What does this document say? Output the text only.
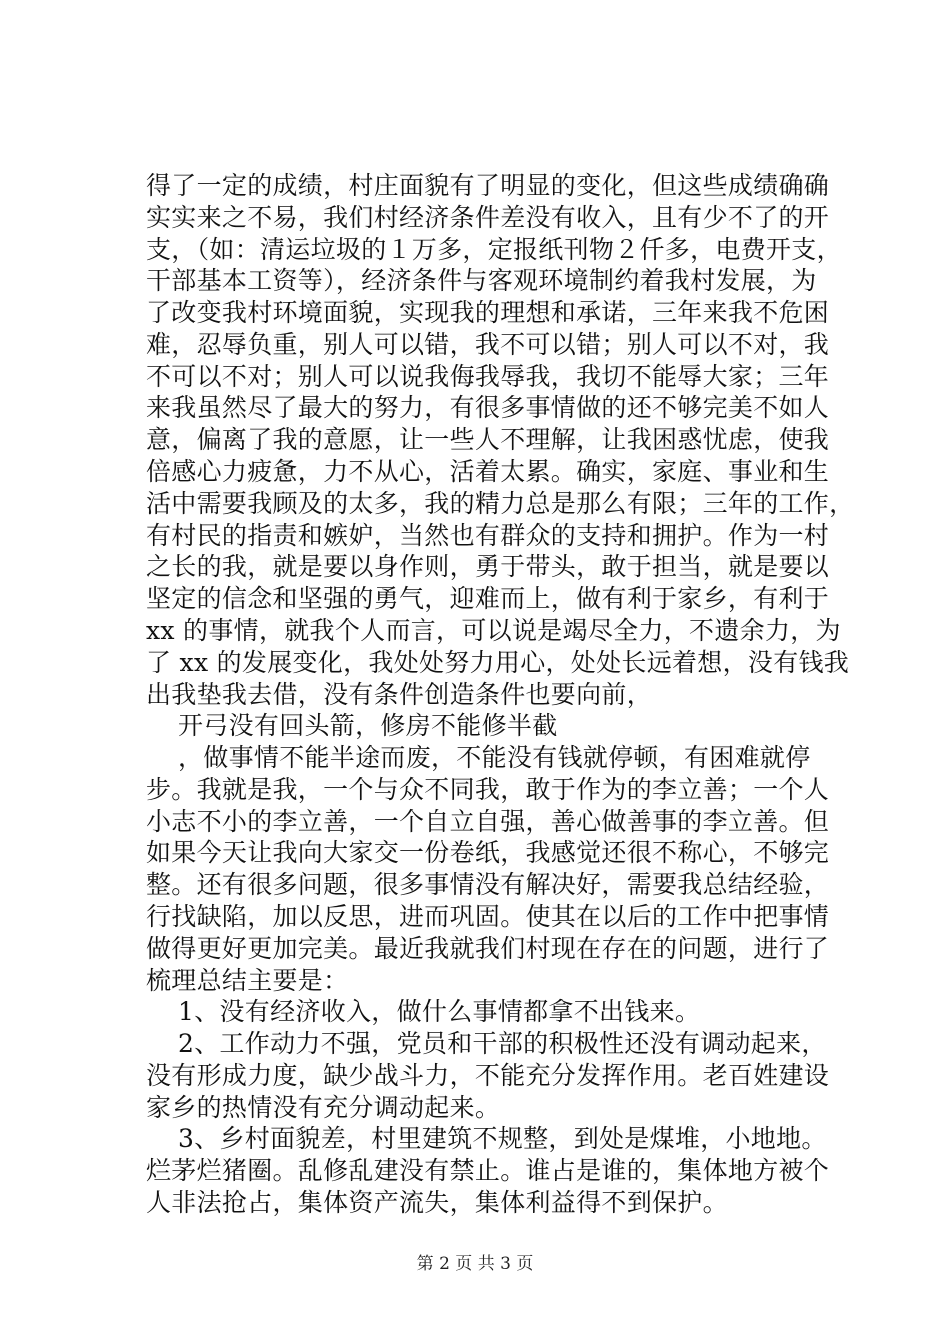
得了一定的成绩，村庄面貌有了明显的变化，但这些成绩确确
实实来之不易，我们村经济条件差没有收入，且有少不了的开
支，（如：清运垃圾的１万多，定报纸刊物２仟多，电费开支，
干部基本工资等），经济条件与客观环境制约着我村发展，为
了改变我村环境面貌，实现我的理想和承诺，三年来我不危困
难，忍辱负重，别人可以错，我不可以错；别人可以不对，我
不可以不对；别人可以说我侮我辱我，我切不能辱大家；三年
来我虽然尽了最大的努力，有很多事情做的还不够完美不如人
意，偏离了我的意愿，让一些人不理解，让我困惑忧虑，使我
倍感心力疲惫，力不从心，活着太累。确实，家庭、事业和生
活中需要我顾及的太多，我的精力总是那么有限；三年的工作，
有村民的指责和嫉妒，当然也有群众的支持和拥护。作为一村
之长的我，就是要以身作则，勇于带头，敢于担当，就是要以
坚定的信念和坚强的勇气，迎难而上，做有利于家乡，有利于
xx 的事情，就我个人而言，可以说是竭尽全力，不遗余力，为
了 xx 的发展变化，我处处努力用心，处处长远着想，没有钱我
出我垫我去借，没有条件创造条件也要向前，
开弓没有回头箭，修房不能修半截
，做事情不能半途而废，不能没有钱就停顿，有困难就停
步。我就是我，一个与众不同我，敢于作为的李立善；一个人
小志不小的李立善，一个自立自强，善心做善事的李立善。但
如果今天让我向大家交一份卷纸，我感觉还很不称心，不够完
整。还有很多问题，很多事情没有解决好，需要我总结经验，
行找缺陷，加以反思，进而巩固。使其在以后的工作中把事情
做得更好更加完美。最近我就我们村现在存在的问题，进行了
梳理总结主要是：
1、没有经济收入，做什么事情都拿不出钱来。
2、工作动力不强，党员和干部的积极性还没有调动起来，
没有形成力度，缺少战斗力，不能充分发挥作用。老百姓建设
家乡的热情没有充分调动起来。
3、乡村面貌差，村里建筑不规整，到处是煤堆，小地地。
烂茅烂猪圈。乱修乱建没有禁止。谁占是谁的，集体地方被个
人非法抢占，集体资产流失，集体利益得不到保护。
第 2 页 共 3 页
